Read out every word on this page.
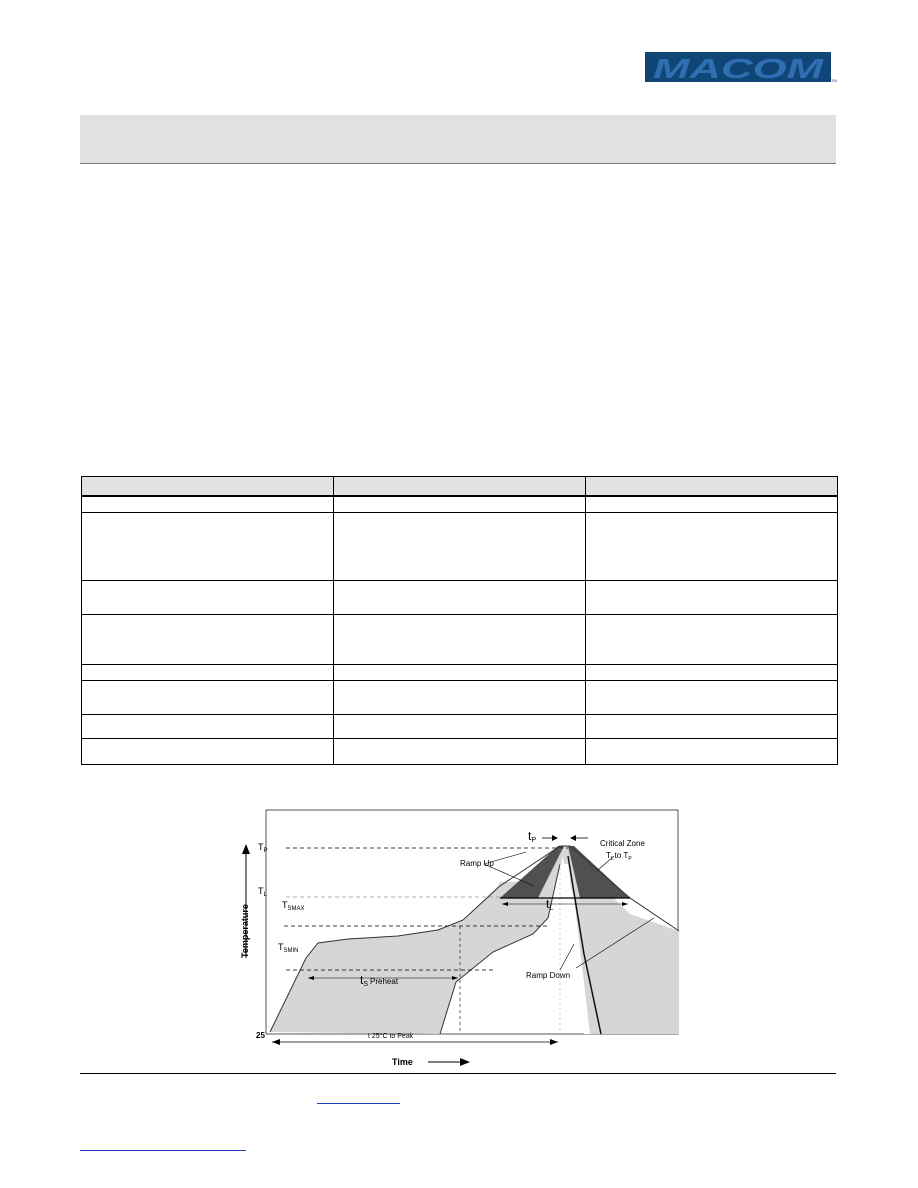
MACOM TM

Temperature
Time
$T_P$
$T_L$
$T_{SMAX}$
$T_{SMIN}$
25
tP
Ramp Up
Critical Zone
$T_Lto$ $T_P$
tL
tS Preheat
Ramp Down
t 25°C to Peak
